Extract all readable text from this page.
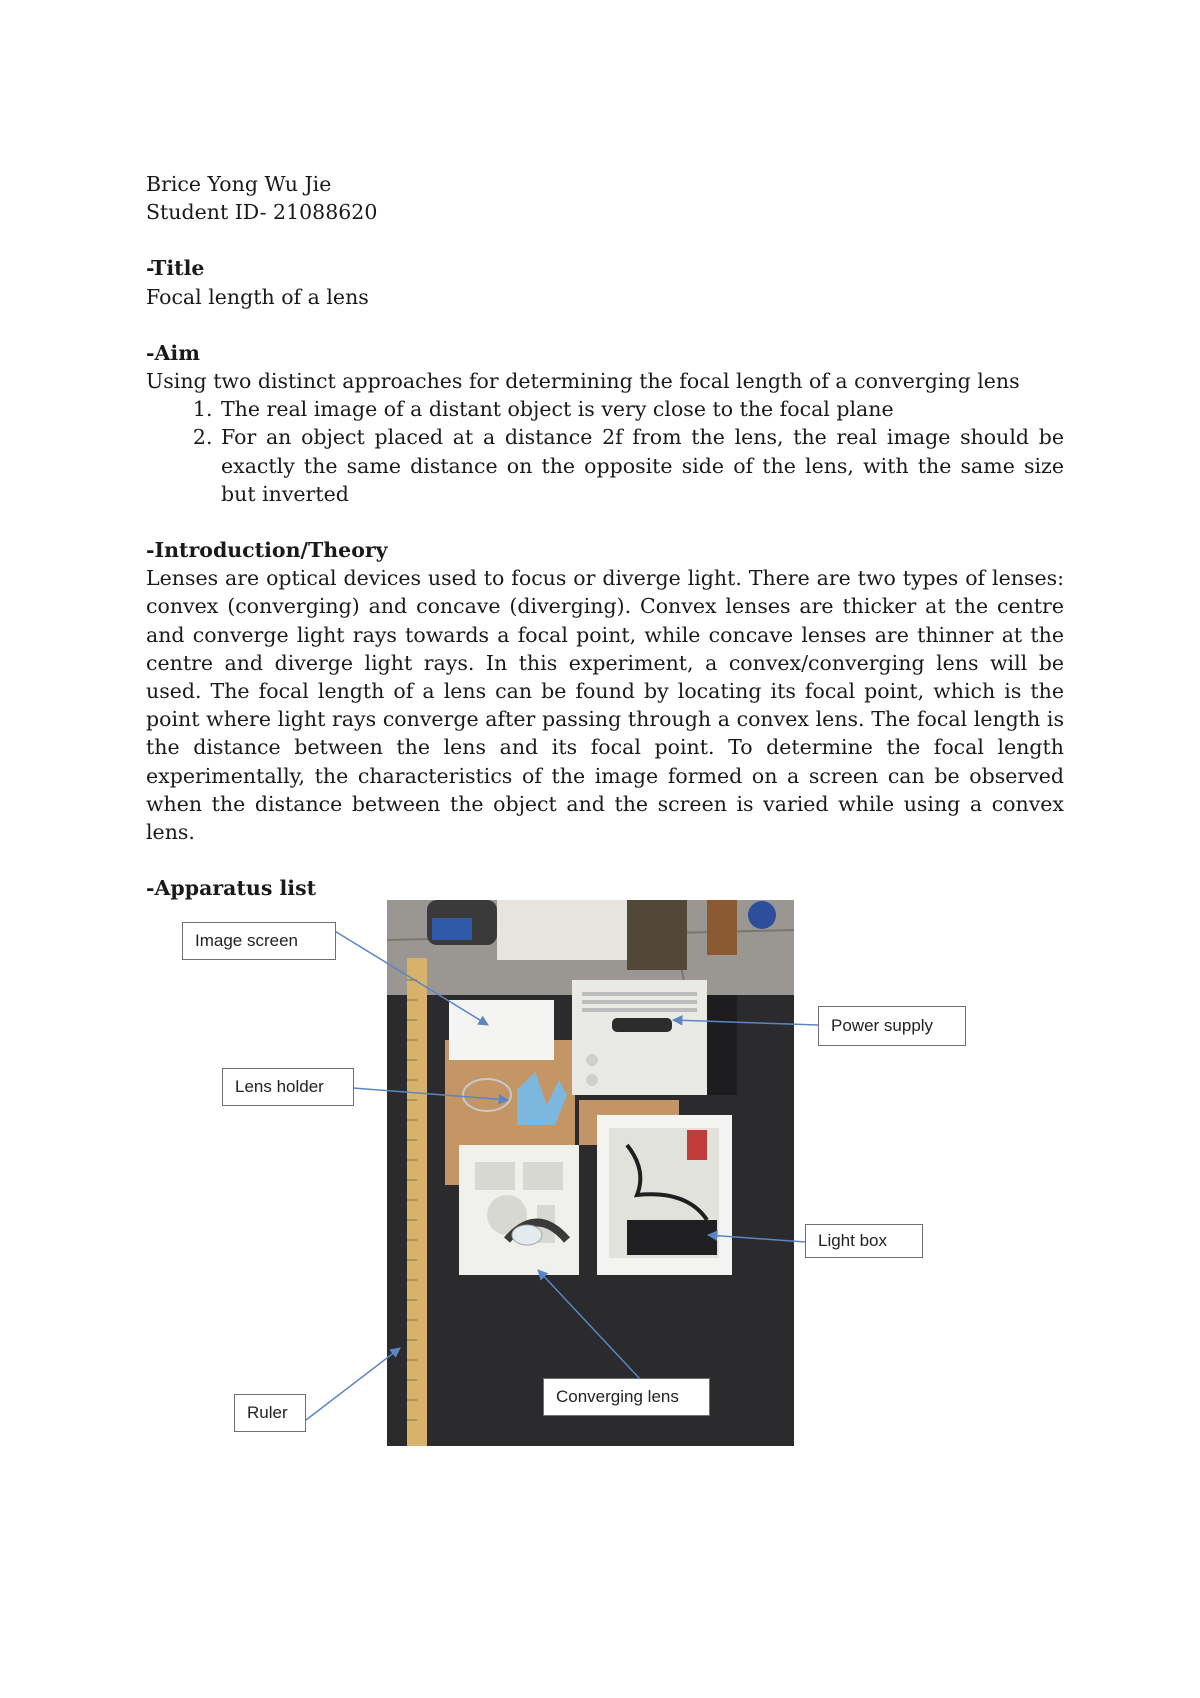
Brice Yong Wu Jie
Student ID- 21088620
-Title
Focal length of a lens
-Aim
Using two distinct approaches for determining the focal length of a converging lens
1. The real image of a distant object is very close to the focal plane
2. For an object placed at a distance 2f from the lens, the real image should be exactly the same distance on the opposite side of the lens, with the same size but inverted
-Introduction/Theory
Lenses are optical devices used to focus or diverge light. There are two types of lenses: convex (converging) and concave (diverging). Convex lenses are thicker at the centre and converge light rays towards a focal point, while concave lenses are thinner at the centre and diverge light rays. In this experiment, a convex/converging lens will be used. The focal length of a lens can be found by locating its focal point, which is the point where light rays converge after passing through a convex lens. The focal length is the distance between the lens and its focal point. To determine the focal length experimentally, the characteristics of the image formed on a screen can be observed when the distance between the object and the screen is varied while using a convex lens.
-Apparatus list
Image screen
Lens holder
Power supply
Light box
Ruler
Converging lens
